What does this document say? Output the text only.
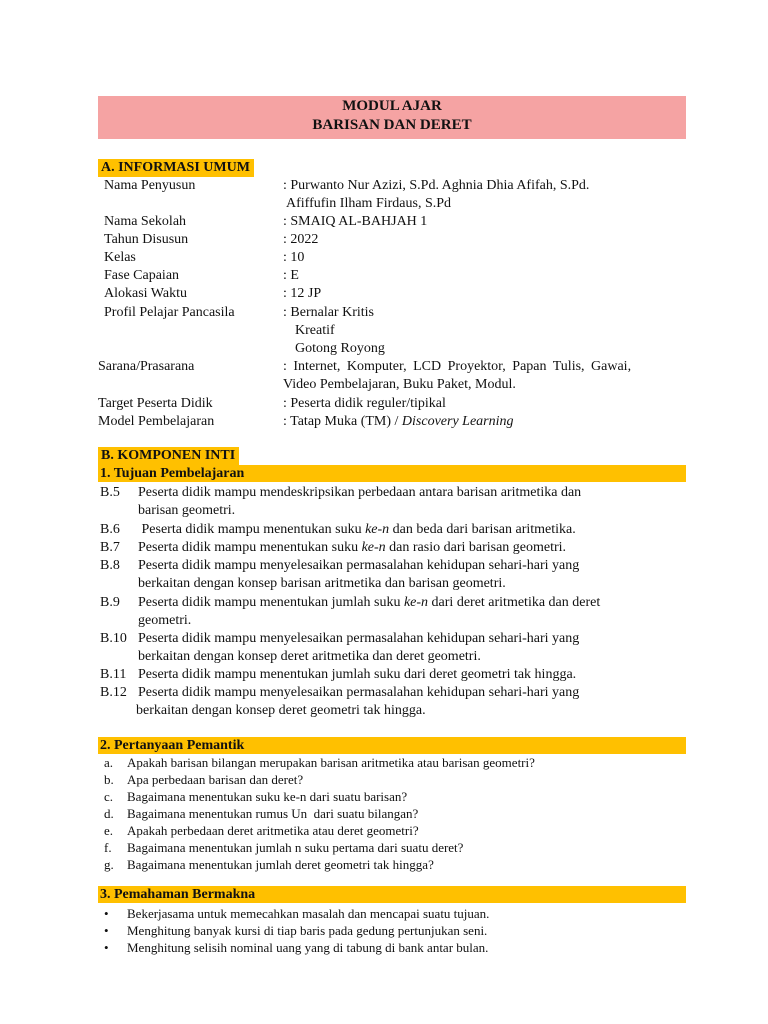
MODUL AJAR
BARISAN DAN DERET
A. INFORMASI UMUM
Nama Penyusun	: Purwanto Nur Azizi, S.Pd. Aghnia Dhia Afifah, S.Pd.
Afiffufin Ilham Firdaus, S.Pd
Nama Sekolah	: SMAIQ AL-BAHJAH 1
Tahun Disusun	: 2022
Kelas	: 10
Fase Capaian	: E
Alokasi Waktu	: 12 JP
Profil Pelajar Pancasila	: Bernalar Kritis
Kreatif
Gotong Royong
Sarana/Prasarana	: Internet, Komputer, LCD Proyektor, Papan Tulis, Gawai,
Video Pembelajaran, Buku Paket, Modul.
Target Peserta Didik	: Peserta didik reguler/tipikal
Model Pembelajaran	: Tatap Muka (TM) / Discovery Learning
B. KOMPONEN INTI
1. Tujuan Pembelajaran
B.5 Peserta didik mampu mendeskripsikan perbedaan antara barisan aritmetika dan
barisan geometri.
B.6 Peserta didik mampu menentukan suku ke-n dan beda dari barisan aritmetika.
B.7 Peserta didik mampu menentukan suku ke-n dan rasio dari barisan geometri.
B.8 Peserta didik mampu menyelesaikan permasalahan kehidupan sehari-hari yang
berkaitan dengan konsep barisan aritmetika dan barisan geometri.
B.9 Peserta didik mampu menentukan jumlah suku ke-n dari deret aritmetika dan deret
geometri.
B.10 Peserta didik mampu menyelesaikan permasalahan kehidupan sehari-hari yang
berkaitan dengan konsep deret aritmetika dan deret geometri.
B.11 Peserta didik mampu menentukan jumlah suku dari deret geometri tak hingga.
B.12 Peserta didik mampu menyelesaikan permasalahan kehidupan sehari-hari yang
berkaitan dengan konsep deret geometri tak hingga.
2. Pertanyaan Pemantik
a. Apakah barisan bilangan merupakan barisan aritmetika atau barisan geometri?
b. Apa perbedaan barisan dan deret?
c. Bagaimana menentukan suku ke-n dari suatu barisan?
d. Bagaimana menentukan rumus Un  dari suatu bilangan?
e. Apakah perbedaan deret aritmetika atau deret geometri?
f. Bagaimana menentukan jumlah n suku pertama dari suatu deret?
g. Bagaimana menentukan jumlah deret geometri tak hingga?
3. Pemahaman Bermakna
• Bekerjasama untuk memecahkan masalah dan mencapai suatu tujuan.
• Menghitung banyak kursi di tiap baris pada gedung pertunjukan seni.
• Menghitung selisih nominal uang yang di tabung di bank antar bulan.
